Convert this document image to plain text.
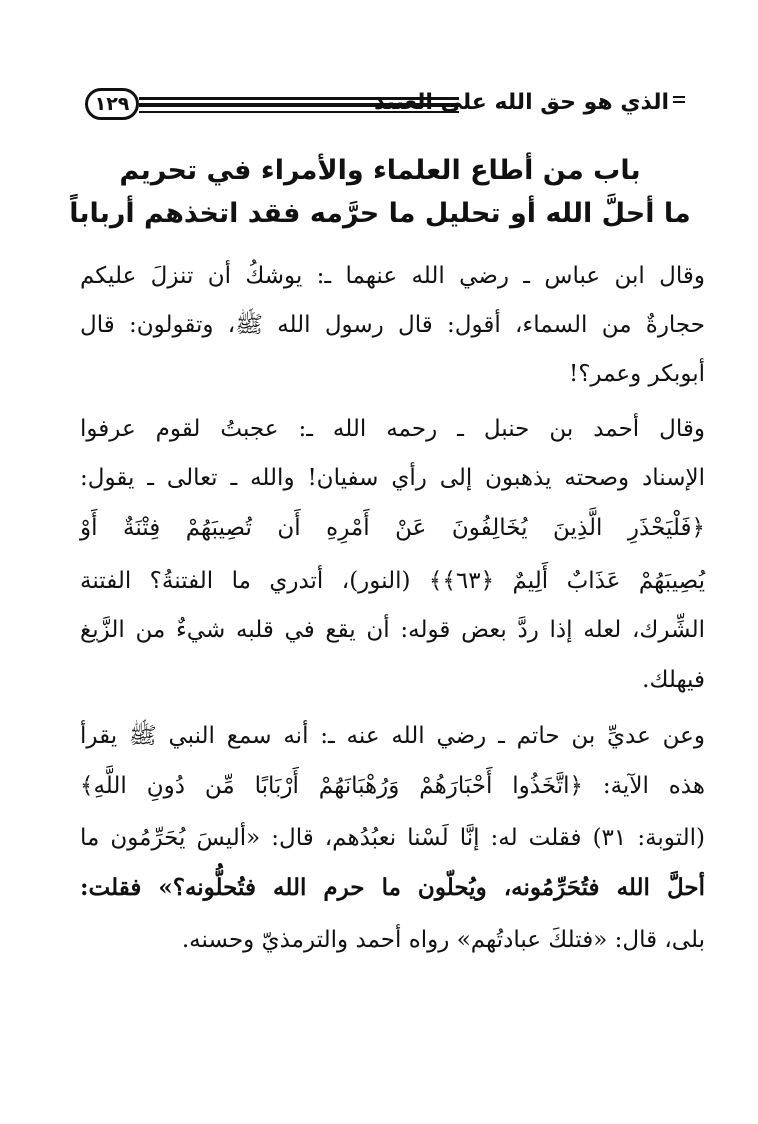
١٢٩	الذي هو حق الله على العبيد
باب من أطاع العلماء والأمراء في تحريم
ما أحلَّ الله أو تحليل ما حرَّمه فقد اتخذهم أرباباً
وقال ابن عباس ـ رضي الله عنهما ـ: يوشكُ أن تنزلَ عليكم
حجارةٌ من السماء، أقول: قال رسول الله ﷺ، وتقولون: قال
أبوبكر وعمر؟!
وقال أحمد بن حنبل ـ رحمه الله ـ: عجبتُ لقوم عرفوا
الإسناد وصحته يذهبون إلى رأي سفيان! والله ـ تعالى ـ يقول:
﴿فَلْيَحْذَرِ الَّذِينَ يُخَالِفُونَ عَنْ أَمْرِهِ أَن تُصِيبَهُمْ فِتْنَةٌ أَوْ
يُصِيبَهُمْ عَذَابٌ أَلِيمٌ ﴿٦٣﴾﴾ (النور)، أتدري ما الفتنةُ؟ الفتنة
الشِّرك، لعله إذا ردَّ بعض قوله: أن يقع في قلبه شيءٌ من الزَّيغ
فيهلك.
وعن عديِّ بن حاتم ـ رضي الله عنه ـ: أنه سمع النبي ﷺ يقرأ
هذه الآية: ﴿اتَّخَذُوا أَحْبَارَهُمْ وَرُهْبَانَهُمْ أَرْبَابًا مِّن دُونِ اللَّهِ﴾
(التوبة: ٣١) فقلت له: إنَّا لَسْنا نعبُدُهم، قال: «أليسَ يُحَرِّمُون ما
أحلَّ الله فتُحَرِّمُونه، ويُحلّون ما حرم الله فتُحلُّونه؟» فقلت:
بلى، قال: «فتلكَ عبادتُهم» رواه أحمد والترمذيّ وحسنه.
